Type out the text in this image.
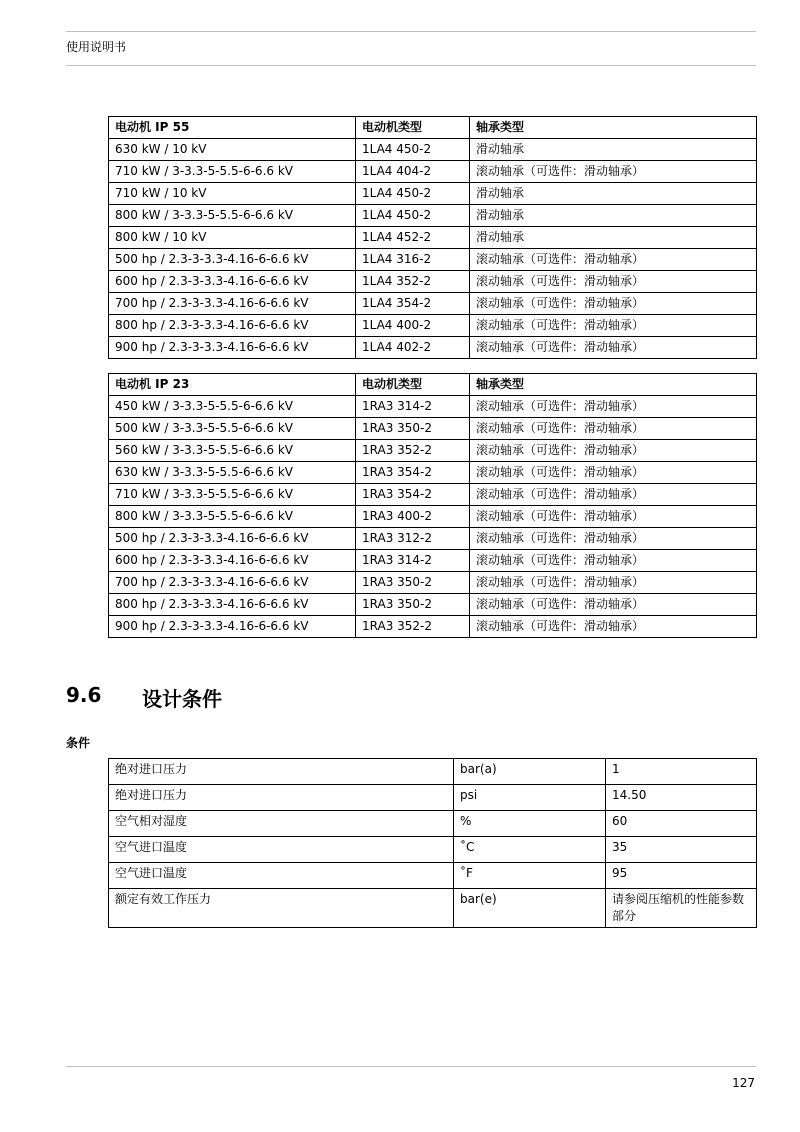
使用说明书
电动机 IP 55	电动机类型	轴承类型
630 kW / 10 kV	1LA4 450-2	滑动轴承
710 kW / 3-3.3-5-5.5-6-6.6 kV	1LA4 404-2	滚动轴承（可选件：滑动轴承）
710 kW / 10 kV	1LA4 450-2	滑动轴承
800 kW / 3-3.3-5-5.5-6-6.6 kV	1LA4 450-2	滑动轴承
800 kW / 10 kV	1LA4 452-2	滑动轴承
500 hp / 2.3-3-3.3-4.16-6-6.6 kV	1LA4 316-2	滚动轴承（可选件：滑动轴承）
600 hp / 2.3-3-3.3-4.16-6-6.6 kV	1LA4 352-2	滚动轴承（可选件：滑动轴承）
700 hp / 2.3-3-3.3-4.16-6-6.6 kV	1LA4 354-2	滚动轴承（可选件：滑动轴承）
800 hp / 2.3-3-3.3-4.16-6-6.6 kV	1LA4 400-2	滚动轴承（可选件：滑动轴承）
900 hp / 2.3-3-3.3-4.16-6-6.6 kV	1LA4 402-2	滚动轴承（可选件：滑动轴承）
电动机 IP 23	电动机类型	轴承类型
450 kW / 3-3.3-5-5.5-6-6.6 kV	1RA3 314-2	滚动轴承（可选件：滑动轴承）
500 kW / 3-3.3-5-5.5-6-6.6 kV	1RA3 350-2	滚动轴承（可选件：滑动轴承）
560 kW / 3-3.3-5-5.5-6-6.6 kV	1RA3 352-2	滚动轴承（可选件：滑动轴承）
630 kW / 3-3.3-5-5.5-6-6.6 kV	1RA3 354-2	滚动轴承（可选件：滑动轴承）
710 kW / 3-3.3-5-5.5-6-6.6 kV	1RA3 354-2	滚动轴承（可选件：滑动轴承）
800 kW / 3-3.3-5-5.5-6-6.6 kV	1RA3 400-2	滚动轴承（可选件：滑动轴承）
500 hp / 2.3-3-3.3-4.16-6-6.6 kV	1RA3 312-2	滚动轴承（可选件：滑动轴承）
600 hp / 2.3-3-3.3-4.16-6-6.6 kV	1RA3 314-2	滚动轴承（可选件：滑动轴承）
700 hp / 2.3-3-3.3-4.16-6-6.6 kV	1RA3 350-2	滚动轴承（可选件：滑动轴承）
800 hp / 2.3-3-3.3-4.16-6-6.6 kV	1RA3 350-2	滚动轴承（可选件：滑动轴承）
900 hp / 2.3-3-3.3-4.16-6-6.6 kV	1RA3 352-2	滚动轴承（可选件：滑动轴承）
9.6 设计条件
条件
绝对进口压力	bar(a)	1
绝对进口压力	psi	14.50
空气相对湿度	%	60
空气进口温度	˚C	35
空气进口温度	˚F	95
额定有效工作压力	bar(e)	请参阅压缩机的性能参数部分
127
